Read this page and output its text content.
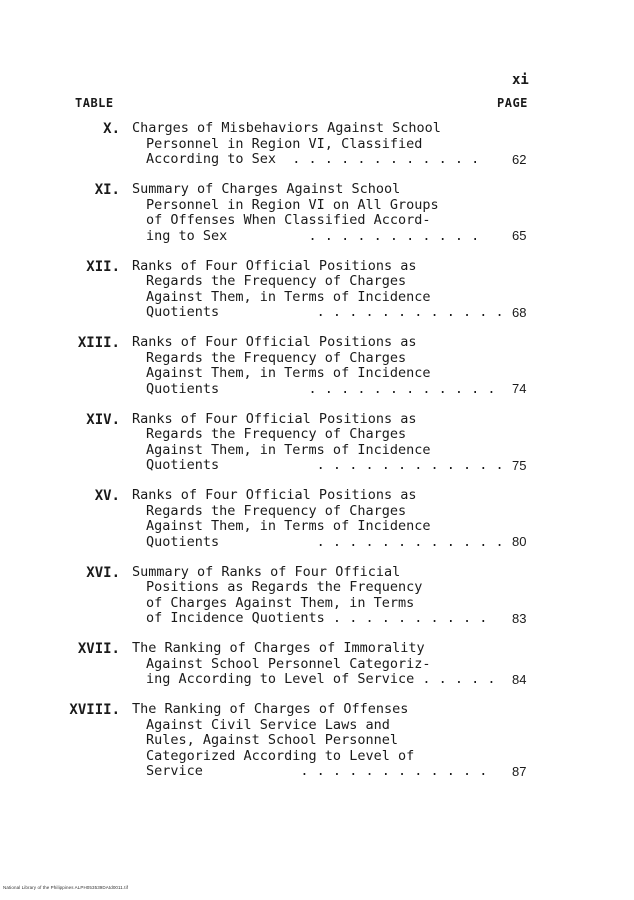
xi
TABLE	PAGE
X. Charges of Misbehaviors Against School
Personnel in Region VI, Classified
According to Sex  . . . . . . . . . . . .	62
XI. Summary of Charges Against School
Personnel in Region VI on All Groups
of Offenses When Classified Accord-
ing to Sex          . . . . . . . . . . .	65
XII. Ranks of Four Official Positions as
Regards the Frequency of Charges
Against Them, in Terms of Incidence
Quotients            . . . . . . . . . . . . 68
XIII. Ranks of Four Official Positions as
Regards the Frequency of Charges
Against Them, in Terms of Incidence
Quotients           . . . . . . . . . . . .	74
XIV. Ranks of Four Official Positions as
Regards the Frequency of Charges
Against Them, in Terms of Incidence
Quotients            . . . . . . . . . . . . 75
XV. Ranks of Four Official Positions as
Regards the Frequency of Charges
Against Them, in Terms of Incidence
Quotients            . . . . . . . . . . . . 80
XVI. Summary of Ranks of Four Official
Positions as Regards the Frequency
of Charges Against Them, in Terms
of Incidence Quotients . . . . . . . . . .	83
XVII. The Ranking of Charges of Immorality
Against School Personnel Categoriz-
ing According to Level of Service . . . . .	84
XVIII. The Ranking of Charges of Offenses
Against Civil Service Laws and
Rules, Against School Personnel
Categorized According to Level of
Service            . . . . . . . . . . . .	87
National Library of the Philippines ALPH053539DAtd0011.tif
